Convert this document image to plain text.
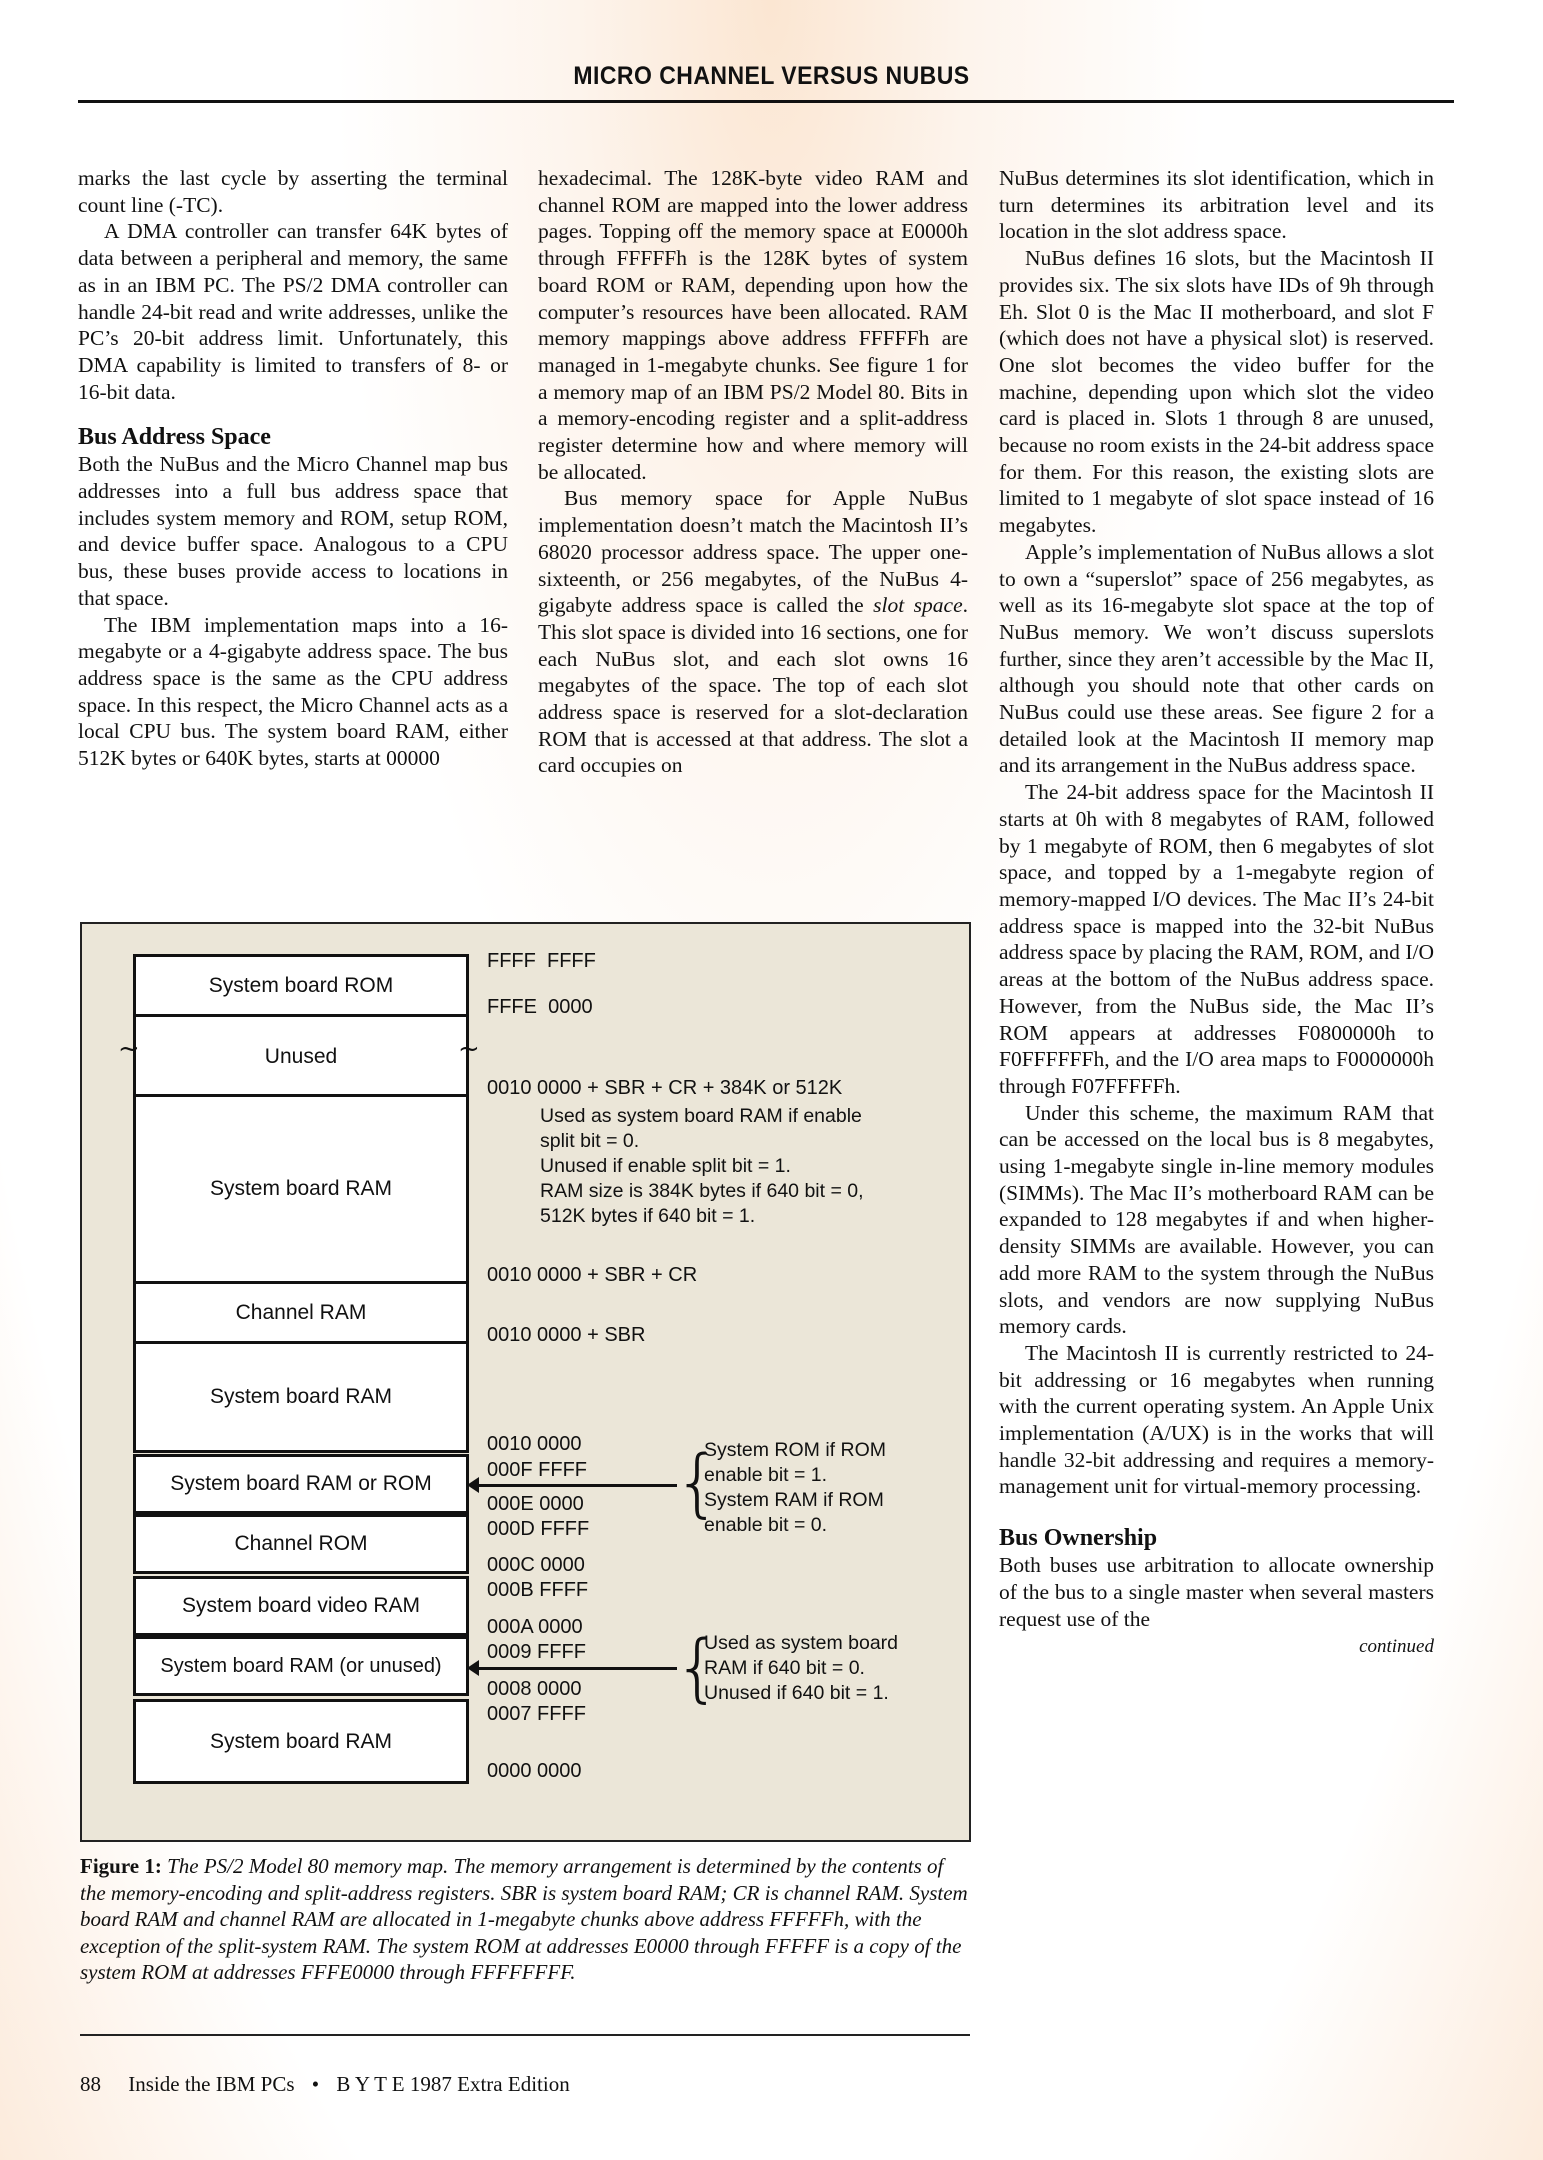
MICRO CHANNEL VERSUS NUBUS

marks the last cycle by asserting the terminal count line (-TC).

A DMA controller can transfer 64K bytes of data between a peripheral and memory, the same as in an IBM PC. The PS/2 DMA controller can handle 24-bit read and write addresses, unlike the PC’s 20-bit address limit. Unfortunately, this DMA capability is limited to transfers of 8- or 16-bit data.

Bus Address Space

Both the NuBus and the Micro Channel map bus addresses into a full bus address space that includes system memory and ROM, setup ROM, and device buffer space. Analogous to a CPU bus, these buses provide access to locations in that space.

The IBM implementation maps into a 16-megabyte or a 4-gigabyte address space. The bus address space is the same as the CPU address space. In this respect, the Micro Channel acts as a local CPU bus. The system board RAM, either 512K bytes or 640K bytes, starts at 00000

hexadecimal. The 128K-byte video RAM and channel ROM are mapped into the lower address pages. Topping off the memory space at E0000h through FFFFFh is the 128K bytes of system board ROM or RAM, depending upon how the computer’s resources have been allocated. RAM memory mappings above address FFFFFh are managed in 1-megabyte chunks. See figure 1 for a memory map of an IBM PS/2 Model 80. Bits in a memory-encoding register and a split-address register determine how and where memory will be allocated.

Bus memory space for Apple NuBus implementation doesn’t match the Macintosh II’s 68020 processor address space. The upper one-sixteenth, or 256 megabytes, of the NuBus 4-gigabyte address space is called the slot space. This slot space is divided into 16 sections, one for each NuBus slot, and each slot owns 16 megabytes of the space. The top of each slot address space is reserved for a slot-declaration ROM that is accessed at that address. The slot a card occupies on

NuBus determines its slot identification, which in turn determines its arbitration level and its location in the slot address space.

NuBus defines 16 slots, but the Macintosh II provides six. The six slots have IDs of 9h through Eh. Slot 0 is the Mac II motherboard, and slot F (which does not have a physical slot) is reserved. One slot becomes the video buffer for the machine, depending upon which slot the video card is placed in. Slots 1 through 8 are unused, because no room exists in the 24-bit address space for them. For this reason, the existing slots are limited to 1 megabyte of slot space instead of 16 megabytes.

Apple’s implementation of NuBus allows a slot to own a “superslot” space of 256 megabytes, as well as its 16-megabyte slot space at the top of NuBus memory. We won’t discuss superslots further, since they aren’t accessible by the Mac II, although you should note that other cards on NuBus could use these areas. See figure 2 for a detailed look at the Macintosh II memory map and its arrangement in the NuBus address space.

The 24-bit address space for the Macintosh II starts at 0h with 8 megabytes of RAM, followed by 1 megabyte of ROM, then 6 megabytes of slot space, and topped by a 1-megabyte region of memory-mapped I/O devices. The Mac II’s 24-bit address space is mapped into the 32-bit NuBus address space by placing the RAM, ROM, and I/O areas at the bottom of the NuBus address space. However, from the NuBus side, the Mac II’s ROM appears at addresses F0800000h to F0FFFFFFh, and the I/O area maps to F0000000h through F07FFFFFh.

Under this scheme, the maximum RAM that can be accessed on the local bus is 8 megabytes, using 1-megabyte single in-line memory modules (SIMMs). The Mac II’s motherboard RAM can be expanded to 128 megabytes if and when higher-density SIMMs are available. However, you can add more RAM to the system through the NuBus slots, and vendors are now supplying NuBus memory cards.

The Macintosh II is currently restricted to 24-bit addressing or 16 megabytes when running with the current operating system. An Apple Unix implementation (A/UX) is in the works that will handle 32-bit addressing and requires a memory-management unit for virtual-memory processing.

Bus Ownership

Both buses use arbitration to allocate ownership of the bus to a single master when several masters request use of the

continued
System board ROM
Unused
~	~
System board RAM
Channel RAM
System board RAM
System board RAM or ROM
Channel ROM
System board video RAM
System board RAM (or unused)
System board RAM
FFFF  FFFF
FFFE  0000
0010 0000 + SBR + CR + 384K or 512K
Used as system board RAM if enable
split bit = 0.
Unused if enable split bit = 1.
RAM size is 384K bytes if 640 bit = 0,
512K bytes if 640 bit = 1.
0010 0000 + SBR + CR
0010 0000 + SBR
0010 0000
000F FFFF
000E 0000
000D FFFF
000C 0000
000B FFFF
000A 0000
0009 FFFF
0008 0000
0007 FFFF
0000 0000
{
System ROM if ROM
enable bit = 1.
System RAM if ROM
enable bit = 0.
{
Used as system board
RAM if 640 bit = 0.
Unused if 640 bit = 1.
Figure 1: The PS/2 Model 80 memory map. The memory arrangement is determined by the contents of the memory-encoding and split-address registers. SBR is system board RAM; CR is channel RAM. System board RAM and channel RAM are allocated in 1-megabyte chunks above address FFFFFh, with the exception of the split-system RAM. The system ROM at addresses E0000 through FFFFF is a copy of the system ROM at addresses FFFE0000 through FFFFFFFF.
88 Inside the IBM PCs • B Y T E 1987 Extra Edition
